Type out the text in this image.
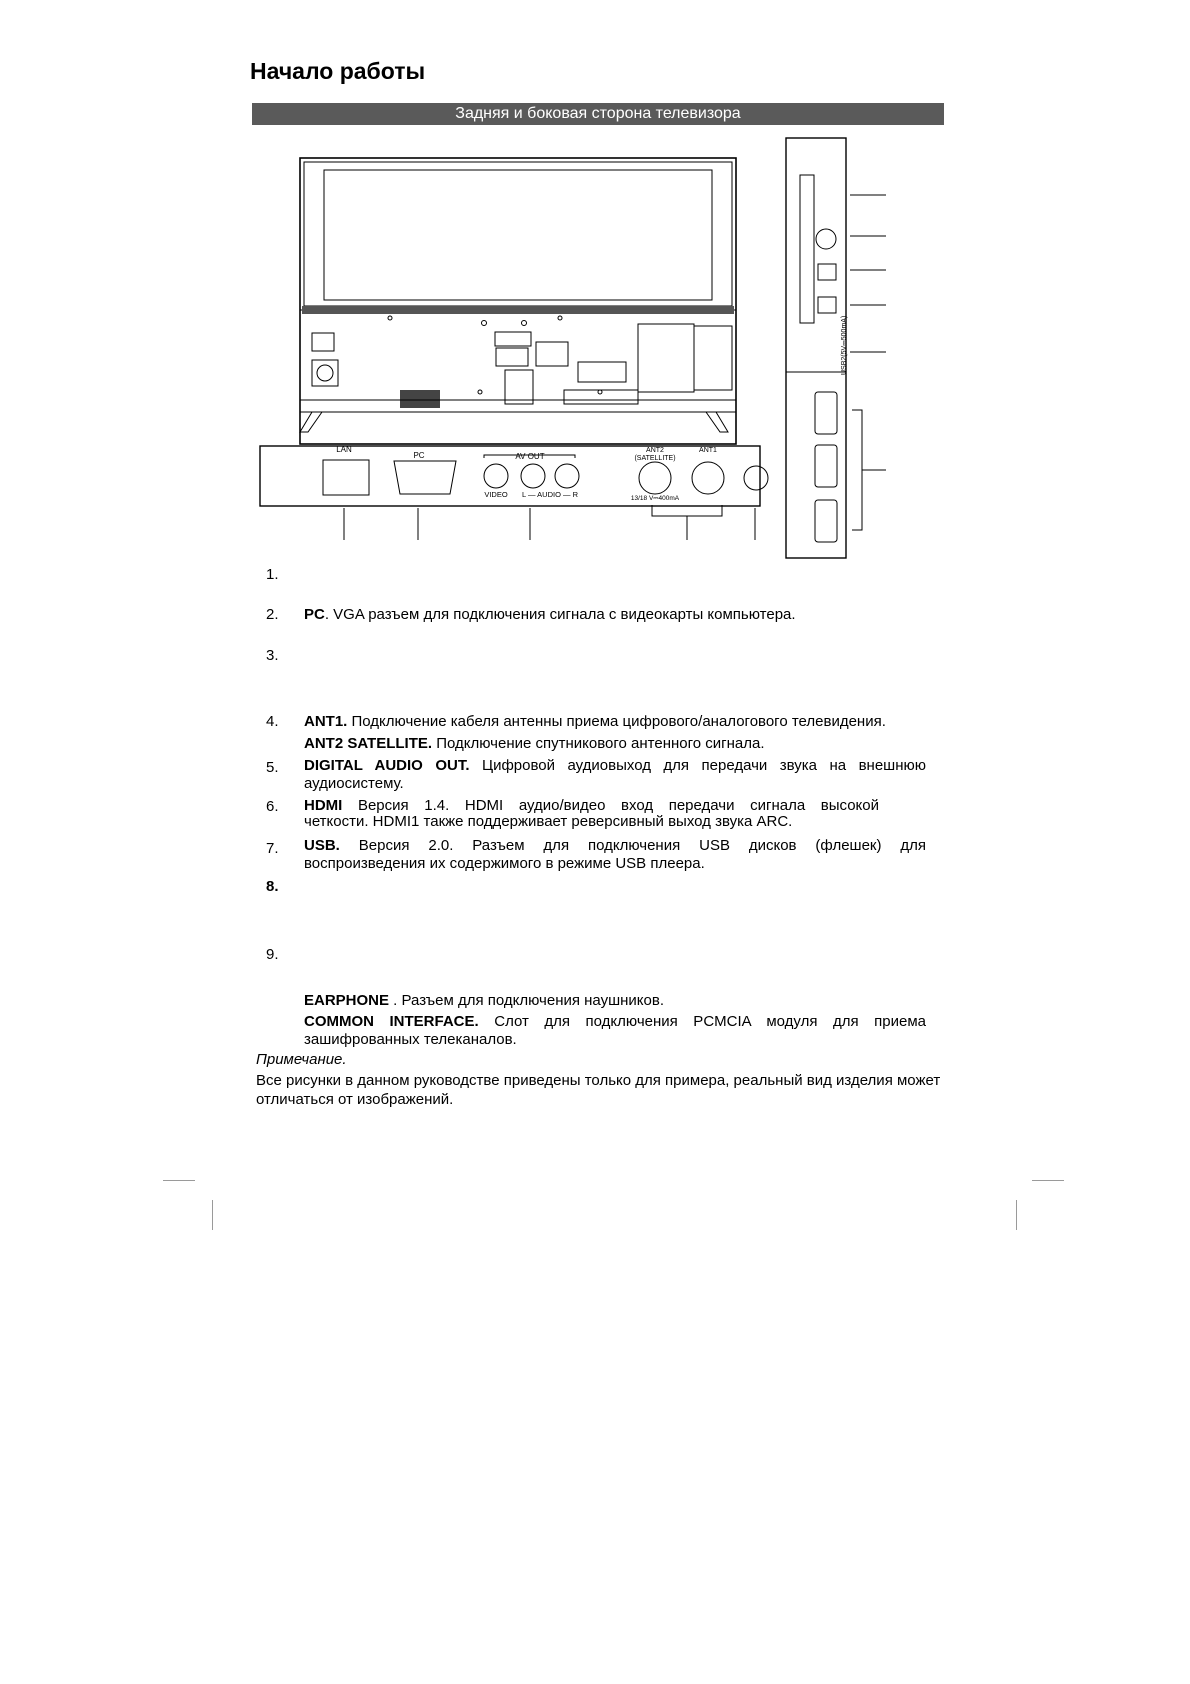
Начало работы
Задняя и боковая сторона телевизора
LAN
PC	AV OUT
VIDEO L — AUDIO — R
ANT2
(SATELLITE)
ANT1
13/18 V⎓400mA
USB2(5V⎓500mA)
1.
2. PC. VGA разъем для подключения сигнала с видеокарты компьютера.
3.
4. ANT1. Подключение кабеля антенны приема цифрового/аналогового телевидения.
ANT2 SATELLITE. Подключение спутникового антенного сигнала.
5. DIGITAL AUDIO OUT. Цифровой аудиовыход для передачи звука на внешнюю
аудиосистему.
6. HDMI Версия 1.4. HDMI аудио/видео вход передачи сигнала высокой
четкости. HDMI1 также поддерживает реверсивный выход звука ARC.
7. USB. Версия 2.0. Разъем для подключения USB дисков (флешек) для
воспроизведения их содержимого в режиме USB плеера.
8.
9.
EARPHONE . Разъем для подключения наушников.
COMMON INTERFACE. Слот для подключения PCMCIA модуля для приема
зашифрованных телеканалов.
Примечание.
Все рисунки в данном руководстве приведены только для примера, реальный вид изделия может отличаться от изображений.
